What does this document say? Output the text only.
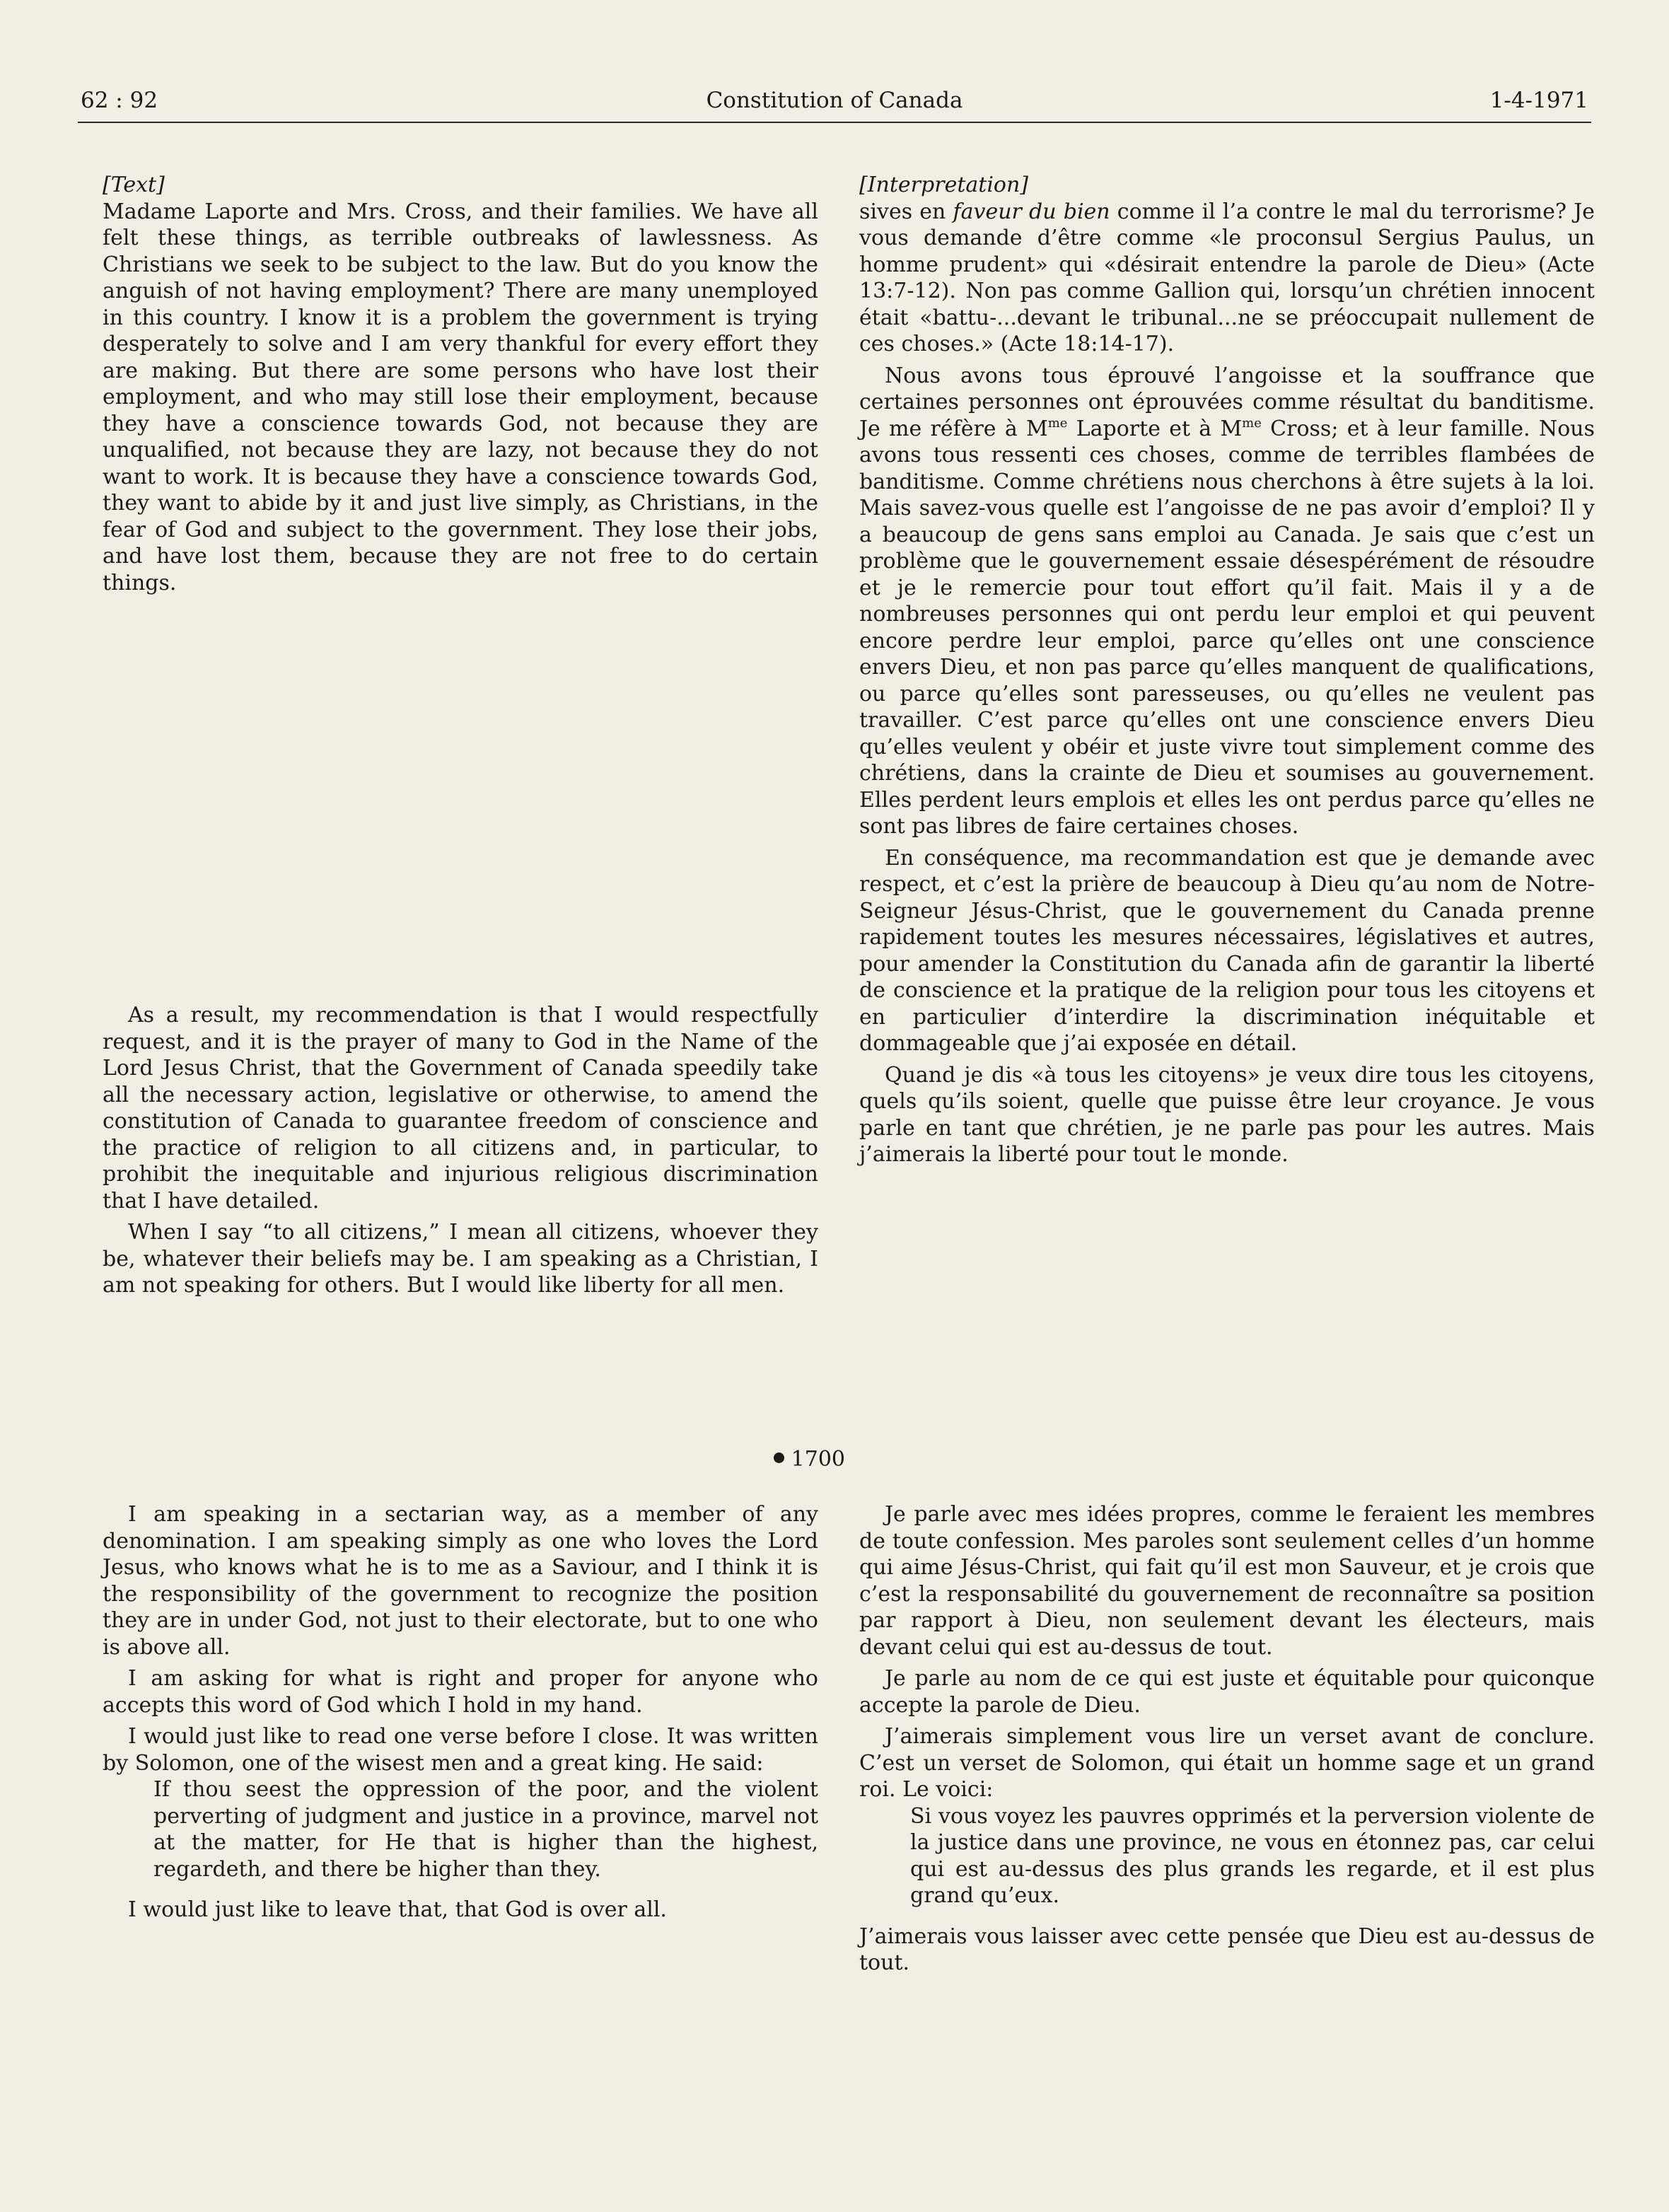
Constitution of Canada
62 : 92	1-4-1971

[Text]

Madame Laporte and Mrs. Cross, and their families. We have all felt these things, as terrible outbreaks of lawlessness. As Christians we seek to be subject to the law. But do you know the anguish of not having employment? There are many unemployed in this country. I know it is a problem the government is trying desperately to solve and I am very thankful for every effort they are making. But there are some persons who have lost their employment, and who may still lose their employment, because they have a conscience towards God, not because they are unqualified, not because they are lazy, not because they do not want to work. It is because they have a conscience towards God, they want to abide by it and just live simply, as Christians, in the fear of God and subject to the government. They lose their jobs, and have lost them, because they are not free to do certain things.

As a result, my recommendation is that I would respectfully request, and it is the prayer of many to God in the Name of the Lord Jesus Christ, that the Government of Canada speedily take all the necessary action, legislative or otherwise, to amend the constitution of Canada to guarantee freedom of conscience and the practice of religion to all citizens and, in particular, to prohibit the inequitable and injurious religious discrimination that I have detailed.

When I say “to all citizens,” I mean all citizens, whoever they be, whatever their beliefs may be. I am speaking as a Christian, I am not speaking for others. But I would like liberty for all men.

1700

I am speaking in a sectarian way, as a member of any denomination. I am speaking simply as one who loves the Lord Jesus, who knows what he is to me as a Saviour, and I think it is the responsibility of the government to recognize the position they are in under God, not just to their electorate, but to one who is above all.

I am asking for what is right and proper for anyone who accepts this word of God which I hold in my hand.

I would just like to read one verse before I close. It was written by Solomon, one of the wisest men and a great king. He said:

If thou seest the oppression of the poor, and the violent perverting of judgment and justice in a province, marvel not at the matter, for He that is higher than the highest, regardeth, and there be higher than they.

I would just like to leave that, that God is over all.

[Interpretation]

sives en faveur du bien comme il l’a contre le mal du terrorisme? Je vous demande d’être comme «le proconsul Sergius Paulus, un homme prudent» qui «désirait entendre la parole de Dieu» (Acte 13:7-12). Non pas comme Gallion qui, lorsqu’un chrétien innocent était «battu-...devant le tribunal...ne se préoccupait nullement de ces choses.» (Acte 18:14-17).

Nous avons tous éprouvé l’angoisse et la souffrance que certaines personnes ont éprouvées comme résultat du banditisme. Je me réfère à $M^{me}$ Laporte et à $M^{me}$ Cross; et à leur famille. Nous avons tous ressenti ces choses, comme de terribles flambées de banditisme. Comme chrétiens nous cherchons à être sujets à la loi. Mais savez-vous quelle est l’angoisse de ne pas avoir d’emploi? Il y a beaucoup de gens sans emploi au Canada. Je sais que c’est un problème que le gouvernement essaie désespérément de résoudre et je le remercie pour tout effort qu’il fait. Mais il y a de nombreuses personnes qui ont perdu leur emploi et qui peuvent encore perdre leur emploi, parce qu’elles ont une conscience envers Dieu, et non pas parce qu’elles manquent de qualifications, ou parce qu’elles sont paresseuses, ou qu’elles ne veulent pas travailler. C’est parce qu’elles ont une conscience envers Dieu qu’elles veulent y obéir et juste vivre tout simplement comme des chrétiens, dans la crainte de Dieu et soumises au gouvernement. Elles perdent leurs emplois et elles les ont perdus parce qu’elles ne sont pas libres de faire certaines choses.

En conséquence, ma recommandation est que je demande avec respect, et c’est la prière de beaucoup à Dieu qu’au nom de Notre-Seigneur Jésus-Christ, que le gouvernement du Canada prenne rapidement toutes les mesures nécessaires, législatives et autres, pour amender la Constitution du Canada afin de garantir la liberté de conscience et la pratique de la religion pour tous les citoyens et en particulier d’interdire la discrimination inéquitable et dommageable que j’ai exposée en détail.

Quand je dis «à tous les citoyens» je veux dire tous les citoyens, quels qu’ils soient, quelle que puisse être leur croyance. Je vous parle en tant que chrétien, je ne parle pas pour les autres. Mais j’aimerais la liberté pour tout le monde.

Je parle avec mes idées propres, comme le feraient les membres de toute confession. Mes paroles sont seulement celles d’un homme qui aime Jésus-Christ, qui fait qu’il est mon Sauveur, et je crois que c’est la responsabilité du gouvernement de reconnaître sa position par rapport à Dieu, non seulement devant les électeurs, mais devant celui qui est au-dessus de tout.

Je parle au nom de ce qui est juste et équitable pour quiconque accepte la parole de Dieu.

J’aimerais simplement vous lire un verset avant de conclure. C’est un verset de Solomon, qui était un homme sage et un grand roi. Le voici:

Si vous voyez les pauvres opprimés et la perversion violente de la justice dans une province, ne vous en étonnez pas, car celui qui est au-dessus des plus grands les regarde, et il est plus grand qu’eux.

J’aimerais vous laisser avec cette pensée que Dieu est au-dessus de tout.
